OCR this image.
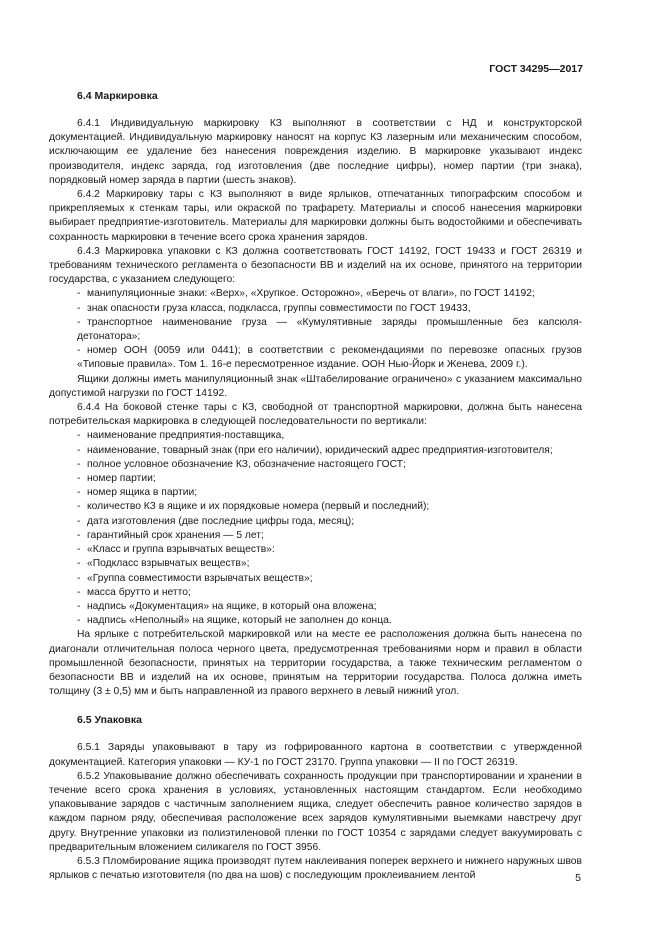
ГОСТ 34295—2017
6.4 Маркировка

6.4.1 Индивидуальную маркировку КЗ выполняют в соответствии с НД и конструкторской документацией. Индивидуальную маркировку наносят на корпус КЗ лазерным или механическим способом, исключающим ее удаление без нанесения повреждения изделию. В маркировке указывают индекс производителя, индекс заряда, год изготовления (две последние цифры), номер партии (три знака), порядковый номер заряда в партии (шесть знаков).

6.4.2 Маркировку тары с КЗ выполняют в виде ярлыков, отпечатанных типографским способом и прикрепляемых к стенкам тары, или окраской по трафарету. Материалы и способ нанесения маркировки выбирает предприятие-изготовитель. Материалы для маркировки должны быть водостойкими и обеспечивать сохранность маркировки в течение всего срока хранения зарядов.

6.4.3 Маркировка упаковки с КЗ должна соответствовать ГОСТ 14192, ГОСТ 19433 и ГОСТ 26319 и требованиям технического регламента о безопасности ВВ и изделий на их основе, принятого на территории государства, с указанием следующего:

- манипуляционные знаки: «Верх», «Хрупкое. Осторожно», «Беречь от влаги», по ГОСТ 14192;

- знак опасности груза класса, подкласса, группы совместимости по ГОСТ 19433,

- транспортное наименование груза — «Кумулятивные заряды промышленные без капсюля-детонатора»;

- номер ООН (0059 или 0441); в соответствии с рекомендациями по перевозке опасных грузов «Типовые правила». Том 1. 16-е пересмотренное издание. ООН Нью-Йорк и Женева, 2009 г.).

Ящики должны иметь манипуляционный знак «Штабелирование ограничено» с указанием максимально допустимой нагрузки по ГОСТ 14192.

6.4.4 На боковой стенке тары с КЗ, свободной от транспортной маркировки, должна быть нанесена потребительская маркировка в следующей последовательности по вертикали:

- наименование предприятия-поставщика,

- наименование, товарный знак (при его наличии), юридический адрес предприятия-изготовителя;

- полное условное обозначение КЗ, обозначение настоящего ГОСТ;

- номер партии;

- номер ящика в партии;

- количество КЗ в ящике и их порядковые номера (первый и последний);

- дата изготовления (две последние цифры года, месяц);

- гарантийный срок хранения — 5 лет;

- «Класс и группа взрывчатых веществ»:

- «Подкласс взрывчатых веществ»;

- «Группа совместимости взрывчатых веществ»;

- масса брутто и нетто;

- надпись «Документация» на ящике, в который она вложена;

- надпись «Неполный» на ящике, который не заполнен до конца.

На ярлыке с потребительской маркировкой или на месте ее расположения должна быть нанесена по диагонали отличительная полоса черного цвета, предусмотренная требованиями норм и правил в области промышленной безопасности, принятых на территории государства, а также техническим регламентом о безопасности ВВ и изделий на их основе, принятым на территории государства. Полоса должна иметь толщину (3 ± 0,5) мм и быть направленной из правого верхнего в левый нижний угол.

6.5 Упаковка

6.5.1 Заряды упаковывают в тару из гофрированного картона в соответствии с утвержденной документацией. Категория упаковки — КУ-1 по ГОСТ 23170. Группа упаковки — II по ГОСТ 26319.

6.5.2 Упаковывание должно обеспечивать сохранность продукции при транспортировании и хранении в течение всего срока хранения в условиях, установленных настоящим стандартом. Если необходимо упаковывание зарядов с частичным заполнением ящика, следует обеспечить равное количество зарядов в каждом парном ряду, обеспечивая расположение всех зарядов кумулятивными выемками навстречу друг другу. Внутренние упаковки из полиэтиленовой пленки по ГОСТ 10354 с зарядами следует вакуумировать с предварительным вложением силикагеля по ГОСТ 3956.

6.5.3 Пломбирование ящика производят путем наклеивания поперек верхнего и нижнего наружных швов ярлыков с печатью изготовителя (по два на шов) с последующим проклеиванием лентой	5
